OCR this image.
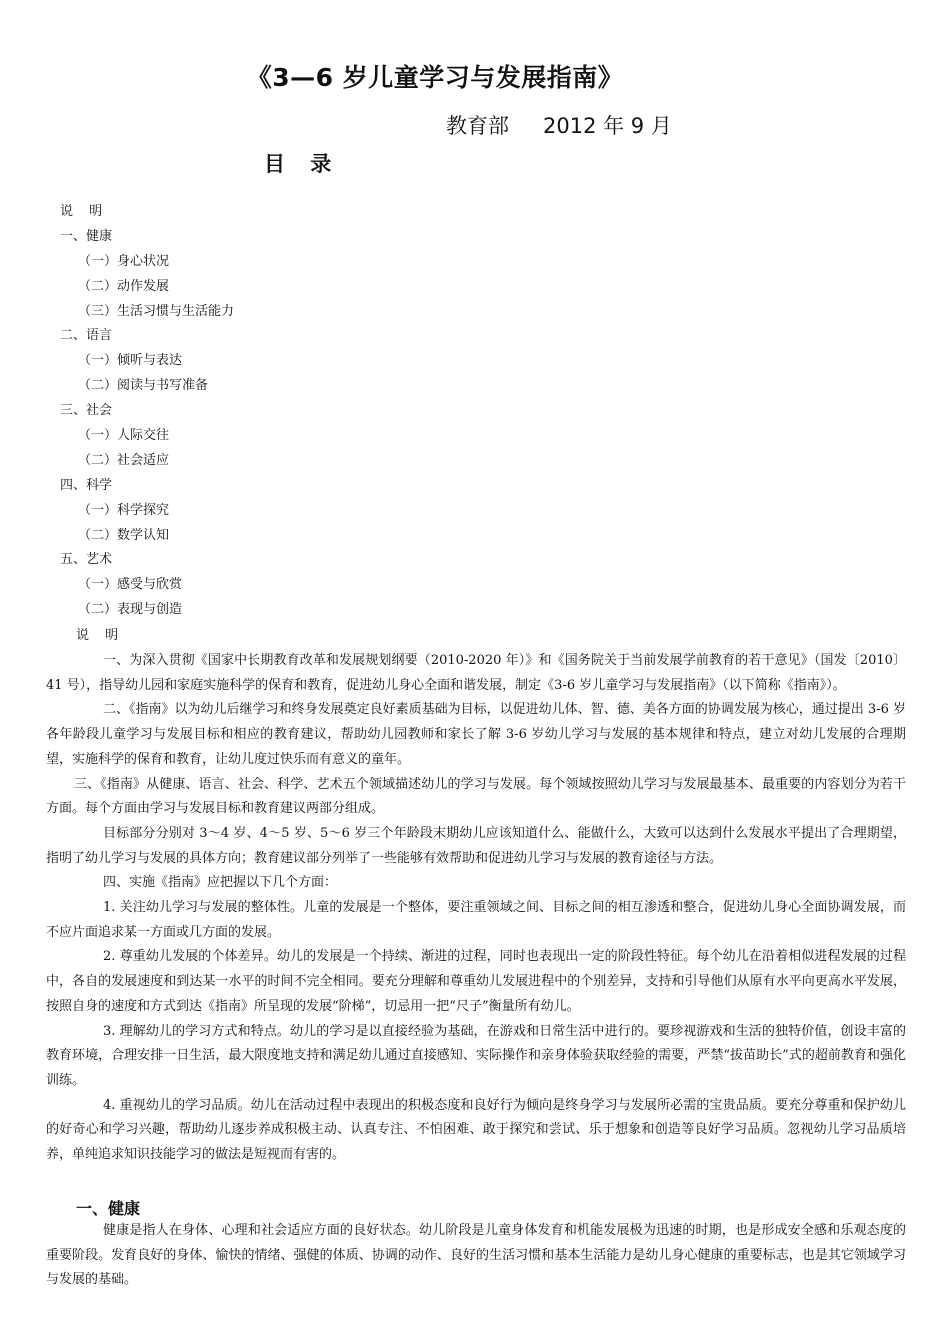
《3—6 岁儿童学习与发展指南》
教育部 2012 年 9 月
目 录
说 明
一、健康
（一）身心状况
（二）动作发展
（三）生活习惯与生活能力
二、语言
（一）倾听与表达
（二）阅读与书写准备
三、社会
（一）人际交往
（二）社会适应
四、科学
（一）科学探究
（二）数学认知
五、艺术
（一）感受与欣赏
（二）表现与创造
说 明

一、为深入贯彻《国家中长期教育改革和发展规划纲要（2010-2020 年）》和《国务院关于当前发展学前教育的若干意见》（国发〔2010〕41 号），指导幼儿园和家庭实施科学的保育和教育，促进幼儿身心全面和谐发展，制定《3-6 岁儿童学习与发展指南》（以下简称《指南》）。

二、《指南》以为幼儿后继学习和终身发展奠定良好素质基础为目标，以促进幼儿体、智、德、美各方面的协调发展为核心，通过提出 3-6 岁各年龄段儿童学习与发展目标和相应的教育建议，帮助幼儿园教师和家长了解 3-6 岁幼儿学习与发展的基本规律和特点，建立对幼儿发展的合理期望，实施科学的保育和教育，让幼儿度过快乐而有意义的童年。

三、《指南》从健康、语言、社会、科学、艺术五个领域描述幼儿的学习与发展。每个领域按照幼儿学习与发展最基本、最重要的内容划分为若干方面。每个方面由学习与发展目标和教育建议两部分组成。

目标部分分别对 3～4 岁、4～5 岁、5～6 岁三个年龄段末期幼儿应该知道什么、能做什么，大致可以达到什么发展水平提出了合理期望，指明了幼儿学习与发展的具体方向；教育建议部分列举了一些能够有效帮助和促进幼儿学习与发展的教育途径与方法。

四、实施《指南》应把握以下几个方面：

1. 关注幼儿学习与发展的整体性。儿童的发展是一个整体，要注重领域之间、目标之间的相互渗透和整合，促进幼儿身心全面协调发展，而不应片面追求某一方面或几方面的发展。

2. 尊重幼儿发展的个体差异。幼儿的发展是一个持续、渐进的过程，同时也表现出一定的阶段性特征。每个幼儿在沿着相似进程发展的过程中，各自的发展速度和到达某一水平的时间不完全相同。要充分理解和尊重幼儿发展进程中的个别差异，支持和引导他们从原有水平向更高水平发展，按照自身的速度和方式到达《指南》所呈现的发展“阶梯”，切忌用一把“尺子”衡量所有幼儿。

3. 理解幼儿的学习方式和特点。幼儿的学习是以直接经验为基础，在游戏和日常生活中进行的。要珍视游戏和生活的独特价值，创设丰富的教育环境，合理安排一日生活，最大限度地支持和满足幼儿通过直接感知、实际操作和亲身体验获取经验的需要，严禁“拔苗助长”式的超前教育和强化训练。

4. 重视幼儿的学习品质。幼儿在活动过程中表现出的积极态度和良好行为倾向是终身学习与发展所必需的宝贵品质。要充分尊重和保护幼儿的好奇心和学习兴趣，帮助幼儿逐步养成积极主动、认真专注、不怕困难、敢于探究和尝试、乐于想象和创造等良好学习品质。忽视幼儿学习品质培养，单纯追求知识技能学习的做法是短视而有害的。

一、健康

健康是指人在身体、心理和社会适应方面的良好状态。幼儿阶段是儿童身体发育和机能发展极为迅速的时期，也是形成安全感和乐观态度的重要阶段。发育良好的身体、愉快的情绪、强健的体质、协调的动作、良好的生活习惯和基本生活能力是幼儿身心健康的重要标志，也是其它领域学习与发展的基础。
